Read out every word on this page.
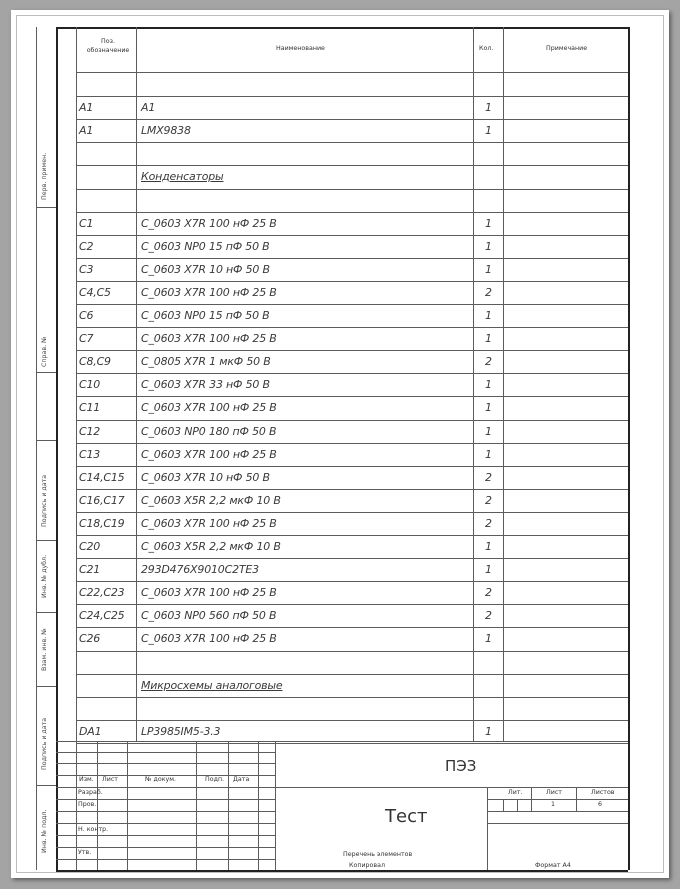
Поз. обозначение	Наименование	Кол.	Примечание
A1	A1	1
A1	LMX9838	1
Конденсаторы
C1	C_0603 X7R 100 нФ 25 В	1
C2	C_0603 NP0 15 пФ 50 В	1
C3	C_0603 X7R 10 нФ 50 В	1
C4,C5	C_0603 X7R 100 нФ 25 В	2
C6	C_0603 NP0 15 пФ 50 В	1
C7	C_0603 X7R 100 нФ 25 В	1
C8,C9	C_0805 X7R 1 мкФ 50 В	2
C10	C_0603 X7R 33 нФ 50 В	1
C11	C_0603 X7R 100 нФ 25 В	1
C12	C_0603 NP0 180 пФ 50 В	1
C13	C_0603 X7R 100 нФ 25 В	1
C14,C15 C_0603 X7R 10 нФ 50 В	2
C16,C17 C_0603 X5R 2,2 мкФ 10 В	2
C18,C19 C_0603 X7R 100 нФ 25 В	2
C20	C_0603 X5R 2,2 мкФ 10 В	1
C21	293D476X9010C2TE3	1
C22,C23 C_0603 X7R 100 нФ 25 В	2
C24,C25 C_0603 NP0 560 пФ 50 В	2
C26	C_0603 X7R 100 нФ 25 В	1
Микросхемы аналоговые
DA1	LP3985IM5-3.3	1
Перв. примен.
Справ. №
Подпись и дата
Инв. № дубл.
Взам. инв. №
Подпись и дата
Инв. № подл.
ПЭЗ
Тест
Перечень элементов
Изм. Лист	№ докум.	Подп. Дата
Разраб.
Пров.
Н. контр.
Утв.
Лит.	Лист	Листов
1	6
Копировал	Формат А4
